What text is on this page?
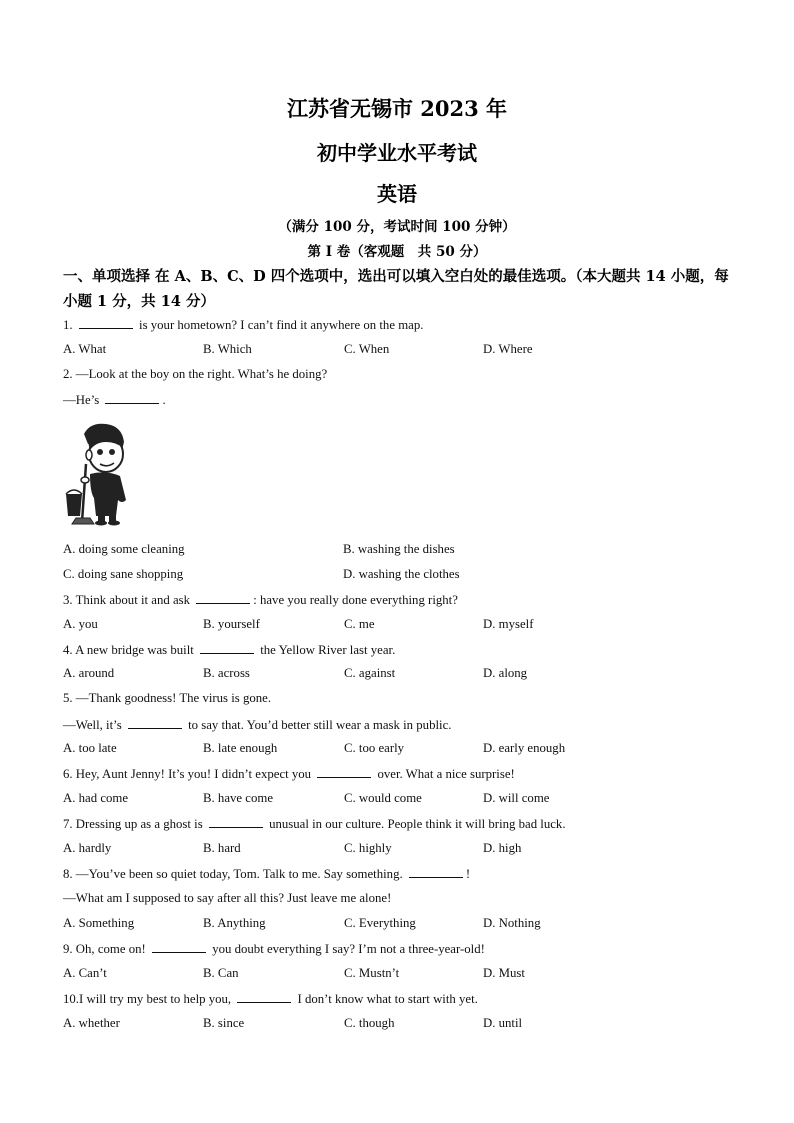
江苏省无锡市 2023 年
初中学业水平考试
英语
（满分 100 分，考试时间 100 分钟）
第 I 卷（客观题　共 50 分）
一、单项选择 在 A、B、C、D 四个选项中，选出可以填入空白处的最佳选项。（本大题共 14 小题，每小题 1 分，共 14 分）
1.	is your hometown? I can’t find it anywhere on the map.
A. What	B. Which	C. When	D. Where
2. —Look at the boy on the right. What’s he doing?
—He’s	.
A. doing some cleaning	B. washing the dishes
C. doing sane shopping	D. washing the clothes
3. Think about it and ask	: have you really done everything right?
A. you	B. yourself	C. me	D. myself
4. A new bridge was built	the Yellow River last year.
A. around	B. across	C. against	D. along
5. —Thank goodness! The virus is gone.
—Well, it’s	to say that. You’d better still wear a mask in public.
A. too late	B. late enough	C. too early	D. early enough
6. Hey, Aunt Jenny! It’s you! I didn’t expect you	over. What a nice surprise!
A. had come	B. have come	C. would come	D. will come
7. Dressing up as a ghost is	unusual in our culture. People think it will bring bad luck.
A. hardly	B. hard	C. highly	D. high
8. —You’ve been so quiet today, Tom. Talk to me. Say something.	!
—What am I supposed to say after all this? Just leave me alone!
A. Something	B. Anything	C. Everything	D. Nothing
9. Oh, come on!	you doubt everything I say? I’m not a three-year-old!
A. Can’t	B. Can	C. Mustn’t	D. Must
10.I will try my best to help you,	I don’t know what to start with yet.
A. whether	B. since	C. though	D. until
